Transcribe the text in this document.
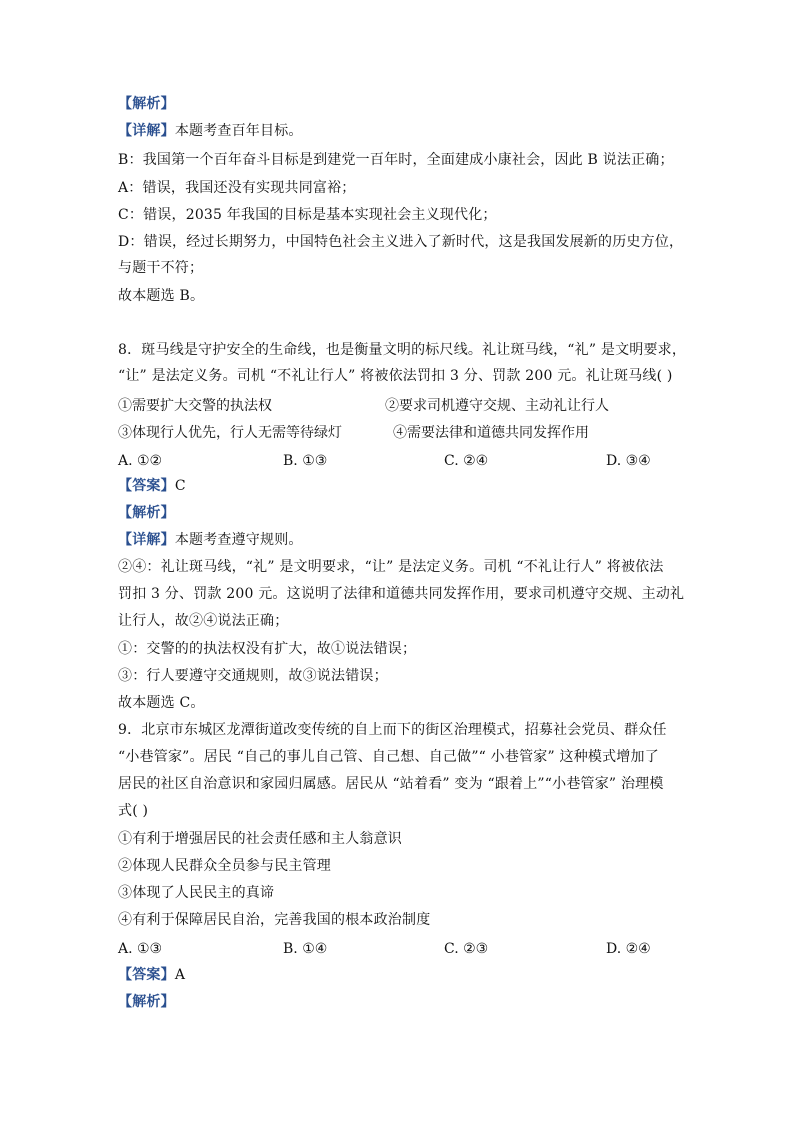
【解析】
【详解】本题考查百年目标。
B：我国第一个百年奋斗目标是到建党一百年时，全面建成小康社会，因此 B 说法正确；
A：错误，我国还没有实现共同富裕；
C：错误，2035 年我国的目标是基本实现社会主义现代化；
D：错误，经过长期努力，中国特色社会主义进入了新时代，这是我国发展新的历史方位，
与题干不符；
故本题选 B。
8．斑马线是守护安全的生命线，也是衡量文明的标尺线。礼让斑马线，“礼” 是文明要求，
“让” 是法定义务。司机 “不礼让行人” 将被依法罚扣 3 分、罚款 200 元。礼让斑马线( )
①需要扩大交警的执法权	②要求司机遵守交规、主动礼让行人
③体现行人优先，行人无需等待绿灯	④需要法律和道德共同发挥作用
A. ①②	B. ①③	C. ②④	D. ③④
【答案】C
【解析】
【详解】本题考查遵守规则。
②④：礼让斑马线，“礼” 是文明要求，“让” 是法定义务。司机 “不礼让行人” 将被依法
罚扣 3 分、罚款 200 元。这说明了法律和道德共同发挥作用，要求司机遵守交规、主动礼
让行人，故②④说法正确；
①：交警的的执法权没有扩大，故①说法错误；
③：行人要遵守交通规则，故③说法错误；
故本题选 C。
9．北京市东城区龙潭街道改变传统的自上而下的街区治理模式，招募社会党员、群众任
“小巷管家”。居民 “自己的事儿自己管、自己想、自己做”“ 小巷管家” 这种模式增加了
居民的社区自治意识和家园归属感。居民从 “站着看” 变为 “跟着上”“小巷管家” 治理模
式( )
①有利于增强居民的社会责任感和主人翁意识
②体现人民群众全员参与民主管理
③体现了人民民主的真谛
④有利于保障居民自治，完善我国的根本政治制度
A. ①③	B. ①④	C. ②③	D. ②④
【答案】A
【解析】
